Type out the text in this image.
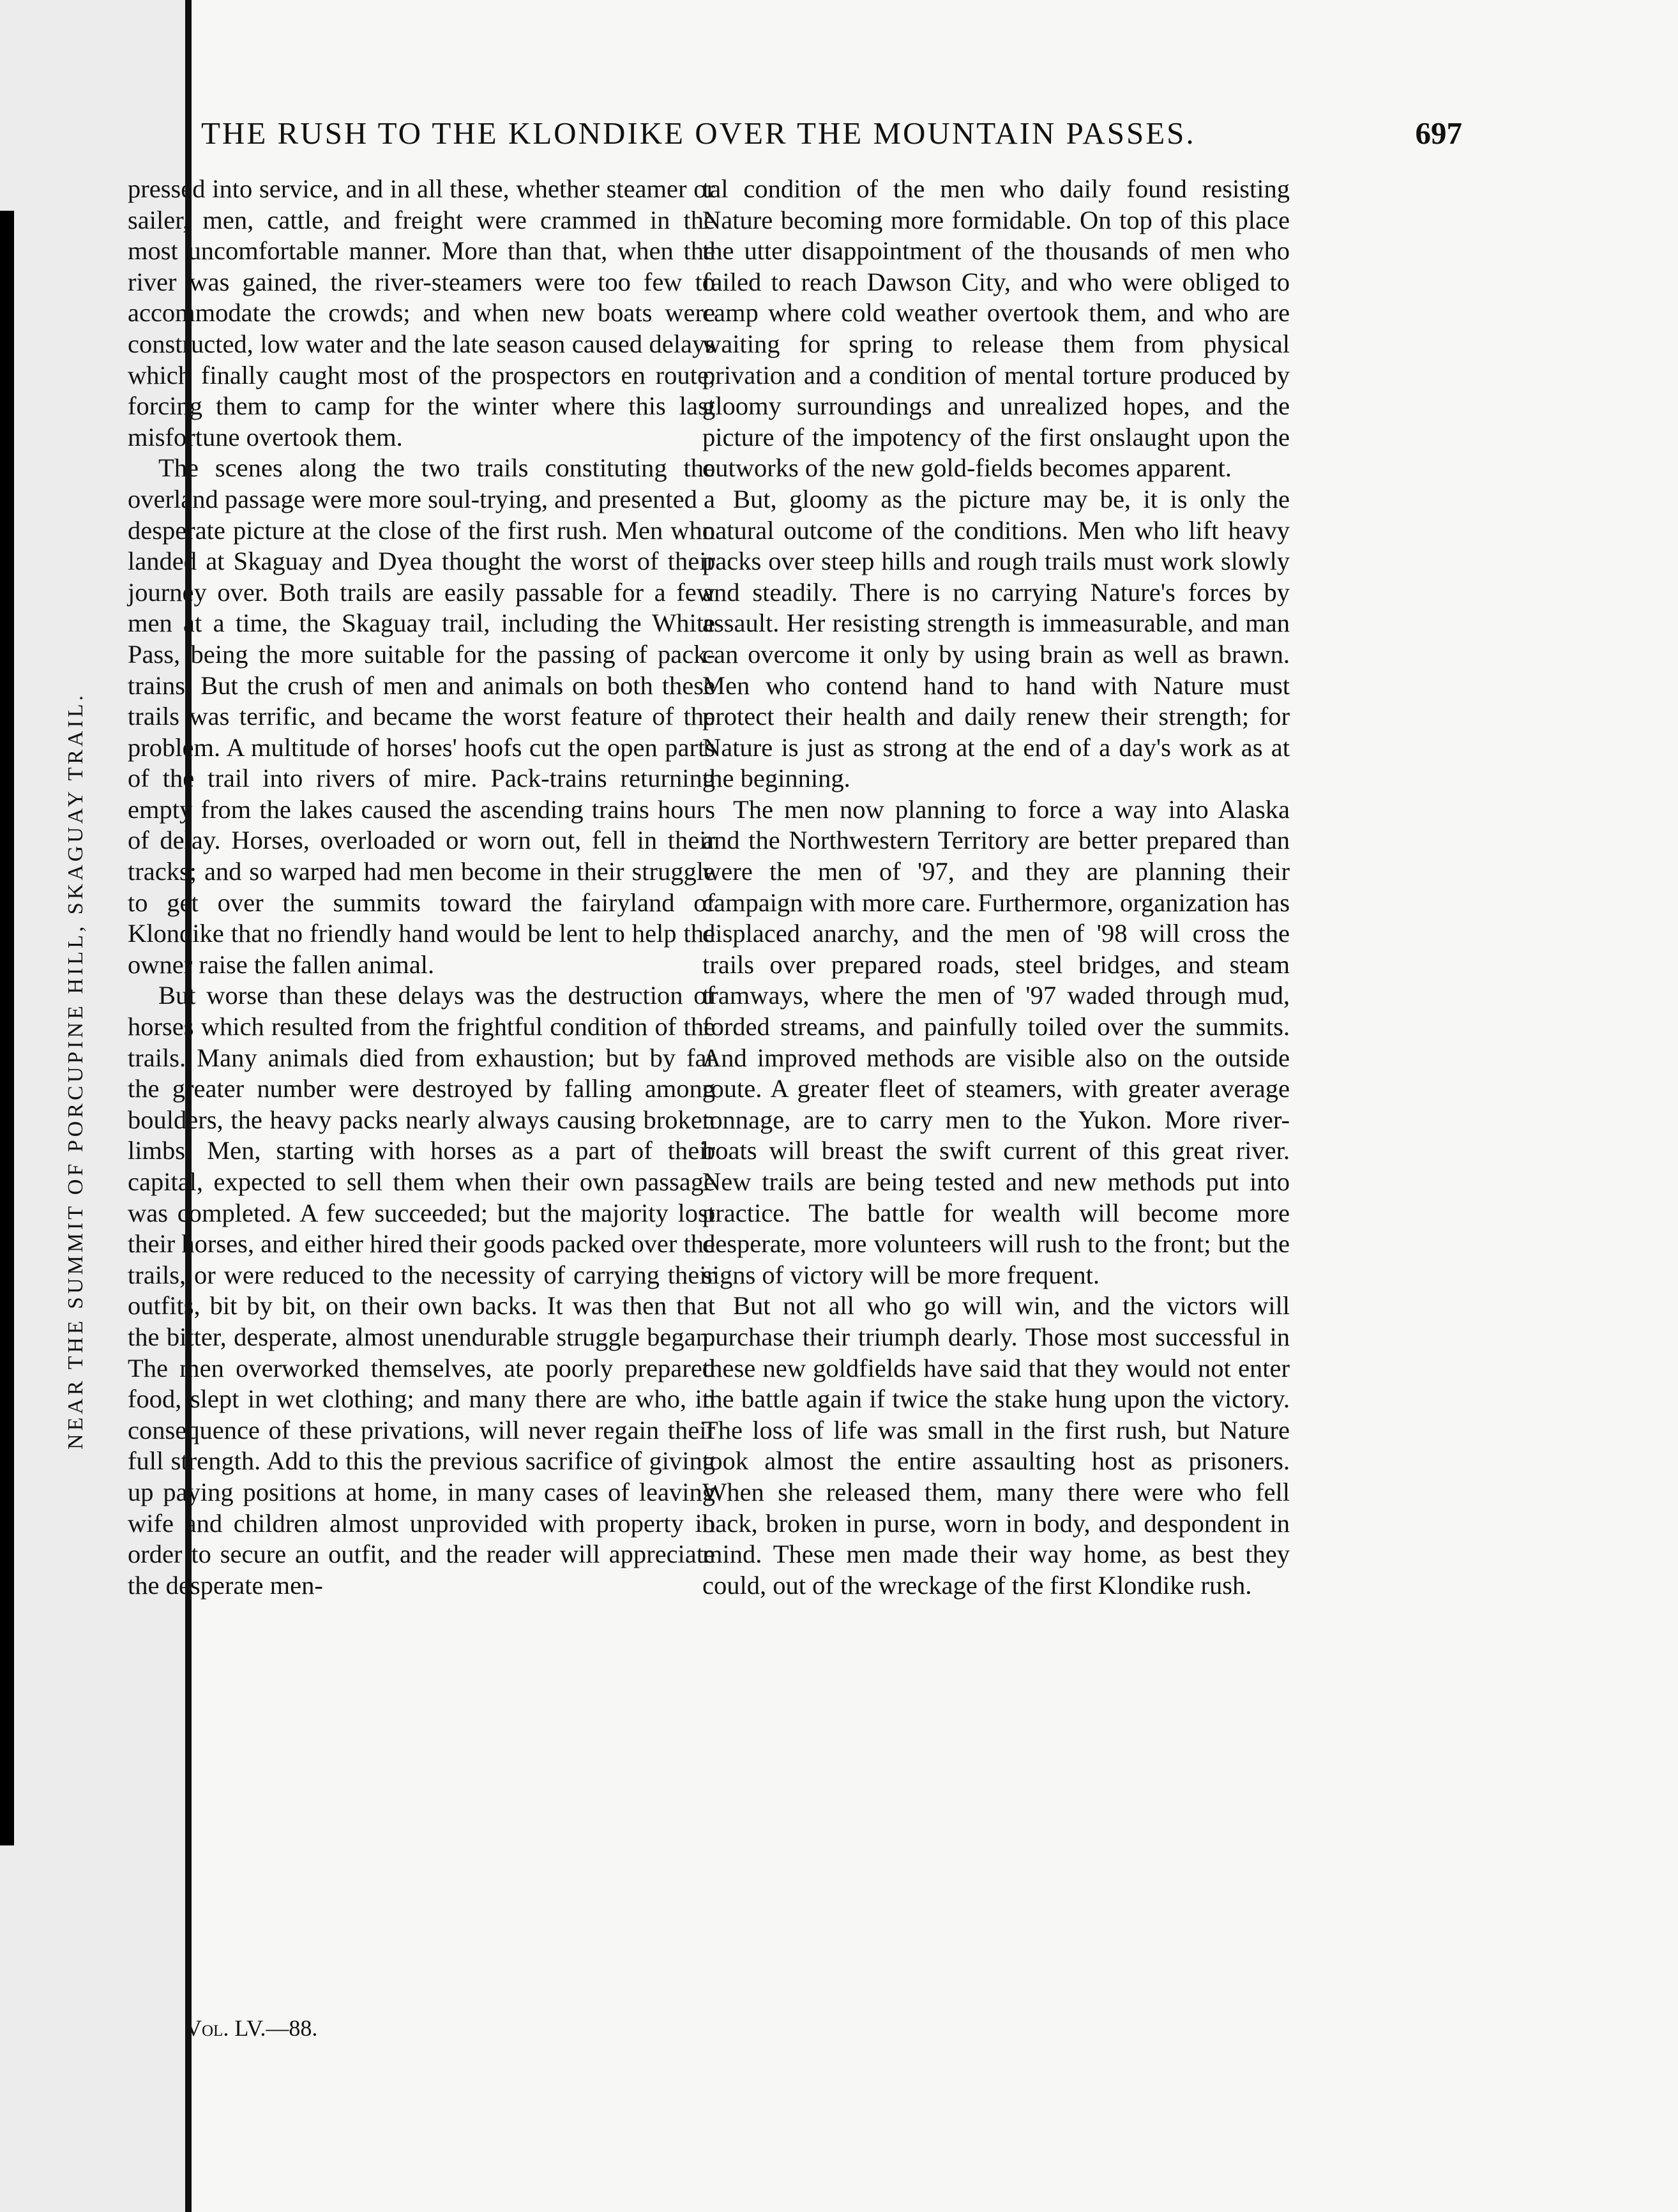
NEAR THE SUMMIT OF PORCUPINE HILL, SKAGUAY TRAIL.
THE RUSH TO THE KLONDIKE OVER THE MOUNTAIN PASSES.	697

pressed into service, and in all these, whether steamer or sailer, men, cattle, and freight were crammed in the most uncomfortable manner. More than that, when the river was gained, the river-steamers were too few to accommodate the crowds; and when new boats were constructed, low water and the late season caused delays which finally caught most of the prospectors en route, forcing them to camp for the winter where this last misfortune overtook them.

The scenes along the two trails constituting the overland passage were more soul-trying, and presented a desperate picture at the close of the first rush. Men who landed at Skaguay and Dyea thought the worst of their journey over. Both trails are easily passable for a few men at a time, the Skaguay trail, including the White Pass, being the more suitable for the passing of pack-trains. But the crush of men and animals on both these trails was terrific, and became the worst feature of the problem. A multitude of horses' hoofs cut the open parts of the trail into rivers of mire. Pack-trains returning empty from the lakes caused the ascending trains hours of delay. Horses, overloaded or worn out, fell in their tracks; and so warped had men become in their struggle to get over the summits toward the fairyland of Klondike that no friendly hand would be lent to help the owner raise the fallen animal.

But worse than these delays was the destruction of horses which resulted from the frightful condition of the trails. Many animals died from exhaustion; but by far the greater number were destroyed by falling among boulders, the heavy packs nearly always causing broken limbs. Men, starting with horses as a part of their capital, expected to sell them when their own passage was completed. A few succeeded; but the majority lost their horses, and either hired their goods packed over the trails, or were reduced to the necessity of carrying their outfits, bit by bit, on their own backs. It was then that the bitter, desperate, almost unendurable struggle began. The men overworked themselves, ate poorly prepared food, slept in wet clothing; and many there are who, in consequence of these privations, will never regain their full strength. Add to this the previous sacrifice of giving up paying positions at home, in many cases of leaving wife and children almost unprovided with property in order to secure an outfit, and the reader will appreciate the desperate men-

tal condition of the men who daily found resisting Nature becoming more formidable. On top of this place the utter disappointment of the thousands of men who failed to reach Dawson City, and who were obliged to camp where cold weather overtook them, and who are waiting for spring to release them from physical privation and a condition of mental torture produced by gloomy surroundings and unrealized hopes, and the picture of the impotency of the first onslaught upon the outworks of the new gold-fields becomes apparent.

But, gloomy as the picture may be, it is only the natural outcome of the conditions. Men who lift heavy packs over steep hills and rough trails must work slowly and steadily. There is no carrying Nature's forces by assault. Her resisting strength is immeasurable, and man can overcome it only by using brain as well as brawn. Men who contend hand to hand with Nature must protect their health and daily renew their strength; for Nature is just as strong at the end of a day's work as at the beginning.

The men now planning to force a way into Alaska and the Northwestern Territory are better prepared than were the men of '97, and they are planning their campaign with more care. Furthermore, organization has displaced anarchy, and the men of '98 will cross the trails over prepared roads, steel bridges, and steam tramways, where the men of '97 waded through mud, forded streams, and painfully toiled over the summits. And improved methods are visible also on the outside route. A greater fleet of steamers, with greater average tonnage, are to carry men to the Yukon. More river-boats will breast the swift current of this great river. New trails are being tested and new methods put into practice. The battle for wealth will become more desperate, more volunteers will rush to the front; but the signs of victory will be more frequent.

But not all who go will win, and the victors will purchase their triumph dearly. Those most successful in these new goldfields have said that they would not enter the battle again if twice the stake hung upon the victory. The loss of life was small in the first rush, but Nature took almost the entire assaulting host as prisoners. When she released them, many there were who fell back, broken in purse, worn in body, and despondent in mind. These men made their way home, as best they could, out of the wreckage of the first Klondike rush.

Vol. LV.—88.
